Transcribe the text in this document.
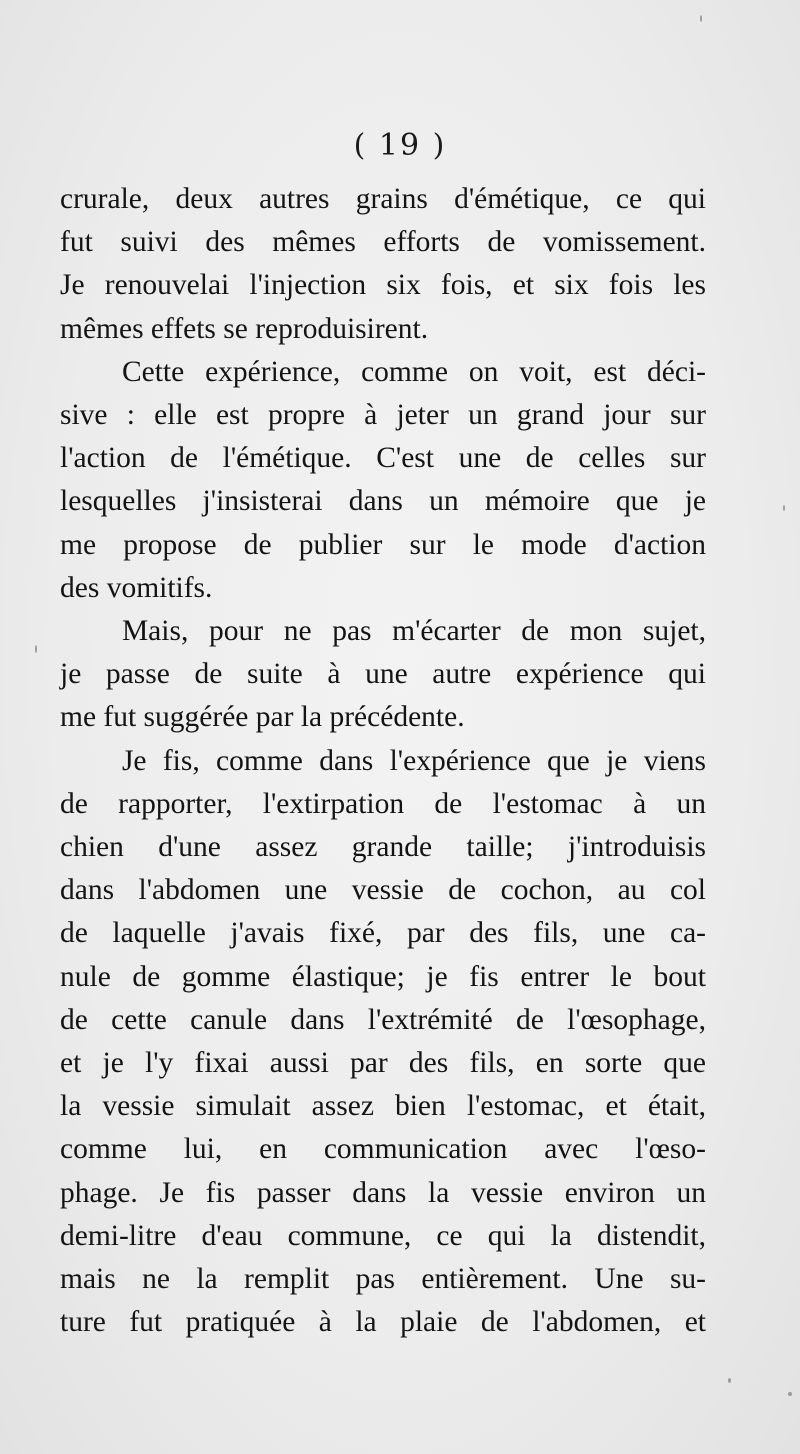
( 19 )

crurale, deux autres grains d'émétique, ce qui
fut suivi des mêmes efforts de vomissement.
Je renouvelai l'injection six fois, et six fois les
mêmes effets se reproduisirent.

Cette expérience, comme on voit, est déci-
sive : elle est propre à jeter un grand jour sur
l'action de l'émétique. C'est une de celles sur
lesquelles j'insisterai dans un mémoire que je
me propose de publier sur le mode d'action
des vomitifs.

Mais, pour ne pas m'écarter de mon sujet,
je passe de suite à une autre expérience qui
me fut suggérée par la précédente.

Je fis, comme dans l'expérience que je viens
de rapporter, l'extirpation de l'estomac à un
chien d'une assez grande taille; j'introduisis
dans l'abdomen une vessie de cochon, au col
de laquelle j'avais fixé, par des fils, une ca-
nule de gomme élastique; je fis entrer le bout
de cette canule dans l'extrémité de l'œsophage,
et je l'y fixai aussi par des fils, en sorte que
la vessie simulait assez bien l'estomac, et était,
comme lui, en communication avec l'œso-
phage. Je fis passer dans la vessie environ un
demi-litre d'eau commune, ce qui la distendit,
mais ne la remplit pas entièrement. Une su-
ture fut pratiquée à la plaie de l'abdomen, et
